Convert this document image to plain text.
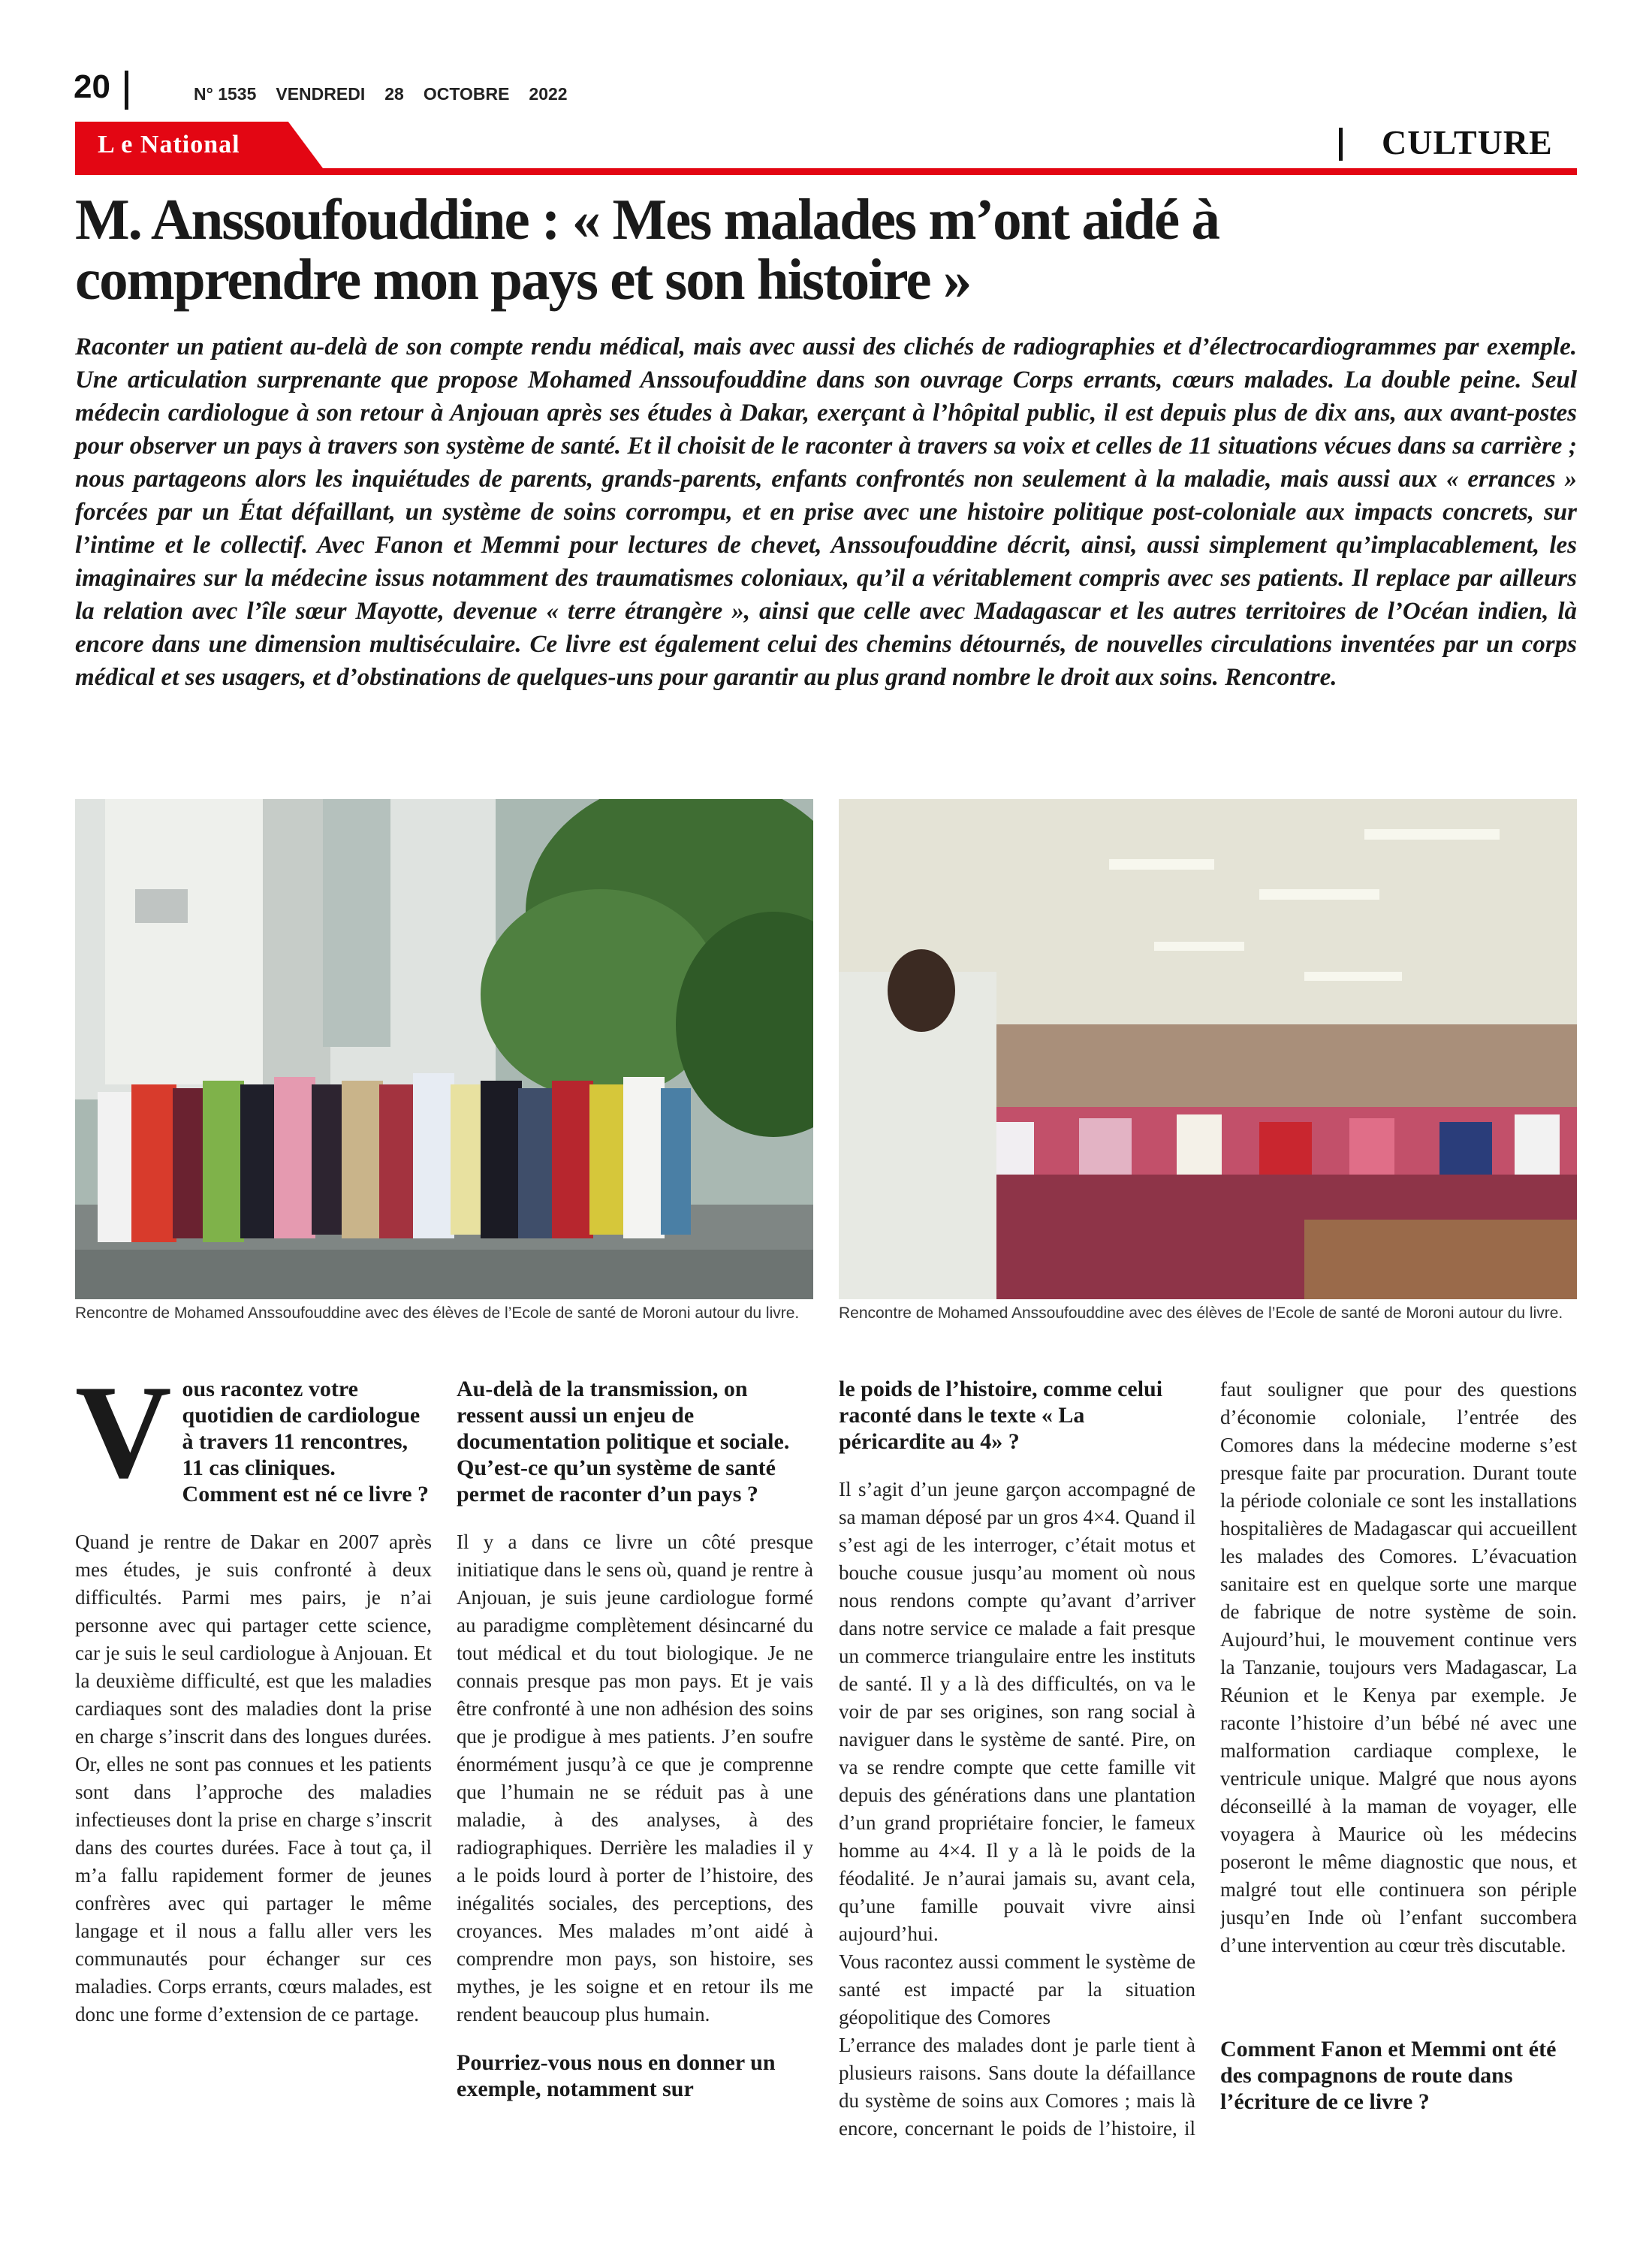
20	N° 1535 VENDREDI 28 OCTOBRE 2022
L e National	CULTURE
M. Anssoufouddine : « Mes malades m’ont aidé à
comprendre mon pays et son histoire »
Raconter un patient au-delà de son compte rendu médical, mais avec aussi des clichés de radiographies et d’électrocardiogrammes par exemple. Une articulation surprenante que propose Mohamed Anssoufouddine dans son ouvrage Corps errants, cœurs malades. La double peine. Seul médecin cardiologue à son retour à Anjouan après ses études à Dakar, exerçant à l’hôpital public, il est depuis plus de dix ans, aux avant-postes pour observer un pays à travers son système de santé. Et il choisit de le raconter à travers sa voix et celles de 11 situations vécues dans sa carrière ; nous partageons alors les inquiétudes de parents, grands-parents, enfants confrontés non seulement à la maladie, mais aussi aux « errances » forcées par un État défaillant, un système de soins corrompu, et en prise avec une histoire politique post-coloniale aux impacts concrets, sur l’intime et le collectif. Avec Fanon et Memmi pour lectures de chevet, Anssoufouddine décrit, ainsi, aussi simplement qu’implacablement, les imaginaires sur la médecine issus notamment des traumatismes coloniaux, qu’il a véritablement compris avec ses patients. Il replace par ailleurs la relation avec l’île sœur Mayotte, devenue « terre étrangère », ainsi que celle avec Madagascar et les autres territoires de l’Océan indien, là encore dans une dimension multiséculaire. Ce livre est également celui des chemins détournés, de nouvelles circulations inventées par un corps médical et ses usagers, et d’obstinations de quelques-uns pour garantir au plus grand nombre le droit aux soins. Rencontre.
Rencontre de Mohamed Anssoufouddine avec des élèves de l’Ecole de santé de Moroni autour du livre.	Rencontre de Mohamed Anssoufouddine avec des élèves de l’Ecole de santé de Moroni autour du livre.
Vous racontez votre quotidien de cardiologue à travers 11 rencontres, 11 cas cliniques. Comment est né ce livre ?

Quand je rentre de Dakar en 2007 après mes études, je suis confronté à deux difficultés. Parmi mes pairs, je n’ai personne avec qui partager cette science, car je suis le seul cardiologue à Anjouan. Et la deuxième difficulté, est que les maladies cardiaques sont des maladies dont la prise en charge s’inscrit dans des longues durées. Or, elles ne sont pas connues et les patients sont dans l’approche des maladies infectieuses dont la prise en charge s’inscrit dans des courtes durées. Face à tout ça, il m’a fallu rapidement former de jeunes confrères avec qui partager le même langage et il nous a fallu aller vers les communautés pour échanger sur ces maladies. Corps errants, cœurs malades, est donc une forme d’extension de ce partage.

Au-delà de la transmission, on ressent aussi un enjeu de documentation politique et sociale. Qu’est-ce qu’un système de santé permet de raconter d’un pays ?

Il y a dans ce livre un côté presque initiatique dans le sens où, quand je rentre à Anjouan, je suis jeune cardiologue formé au paradigme complètement désincarné du tout médical et du tout biologique. Je ne connais presque pas mon pays. Et je vais être confronté à une non adhésion des soins que je prodigue à mes patients. J’en soufre énormément jusqu’à ce que je comprenne que l’humain ne se réduit pas à une maladie, à des analyses, à des radiographiques. Derrière les maladies il y a le poids lourd à porter de l’histoire, des inégalités sociales, des perceptions, des croyances. Mes malades m’ont aidé à comprendre mon pays, son histoire, ses mythes, je les soigne et en retour ils me rendent beaucoup plus humain.

Pourriez-vous nous en donner un exemple, notamment sur
le poids de l’histoire, comme celui raconté dans le texte « La péricardite au 4» ?

Il s’agit d’un jeune garçon accompagné de sa maman déposé par un gros 4×4. Quand il s’est agi de les interroger, c’était motus et bouche cousue jusqu’au moment où nous nous rendons compte qu’avant d’arriver dans notre service ce malade a fait presque un commerce triangulaire entre les instituts de santé. Il y a là des difficultés, on va le voir de par ses origines, son rang social à naviguer dans le système de santé. Pire, on va se rendre compte que cette famille vit depuis des générations dans une plantation d’un grand propriétaire foncier, le fameux homme au 4×4. Il y a là le poids de la féodalité. Je n’aurai jamais su, avant cela, qu’une famille pouvait vivre ainsi aujourd’hui.

Vous racontez aussi comment le système de santé est impacté par la situation géopolitique des Comores

L’errance des malades dont je parle tient à plusieurs raisons. Sans doute la défaillance du système de soins aux Comores ; mais là encore, concernant le poids de l’histoire, il

faut souligner que pour des questions d’économie coloniale, l’entrée des Comores dans la médecine moderne s’est presque faite par procuration. Durant toute la période coloniale ce sont les installations hospitalières de Madagascar qui accueillent les malades des Comores. L’évacuation sanitaire est en quelque sorte une marque de fabrique de notre système de soin. Aujourd’hui, le mouvement continue vers la Tanzanie, toujours vers Madagascar, La Réunion et le Kenya par exemple. Je raconte l’histoire d’un bébé né avec une malformation cardiaque complexe, le ventricule unique. Malgré que nous ayons déconseillé à la maman de voyager, elle voyagera à Maurice où les médecins poseront le même diagnostic que nous, et malgré tout elle continuera son périple jusqu’en Inde où l’enfant succombera d’une intervention au cœur très discutable.

Comment Fanon et Memmi ont été des compagnons de route dans l’écriture de ce livre ?
